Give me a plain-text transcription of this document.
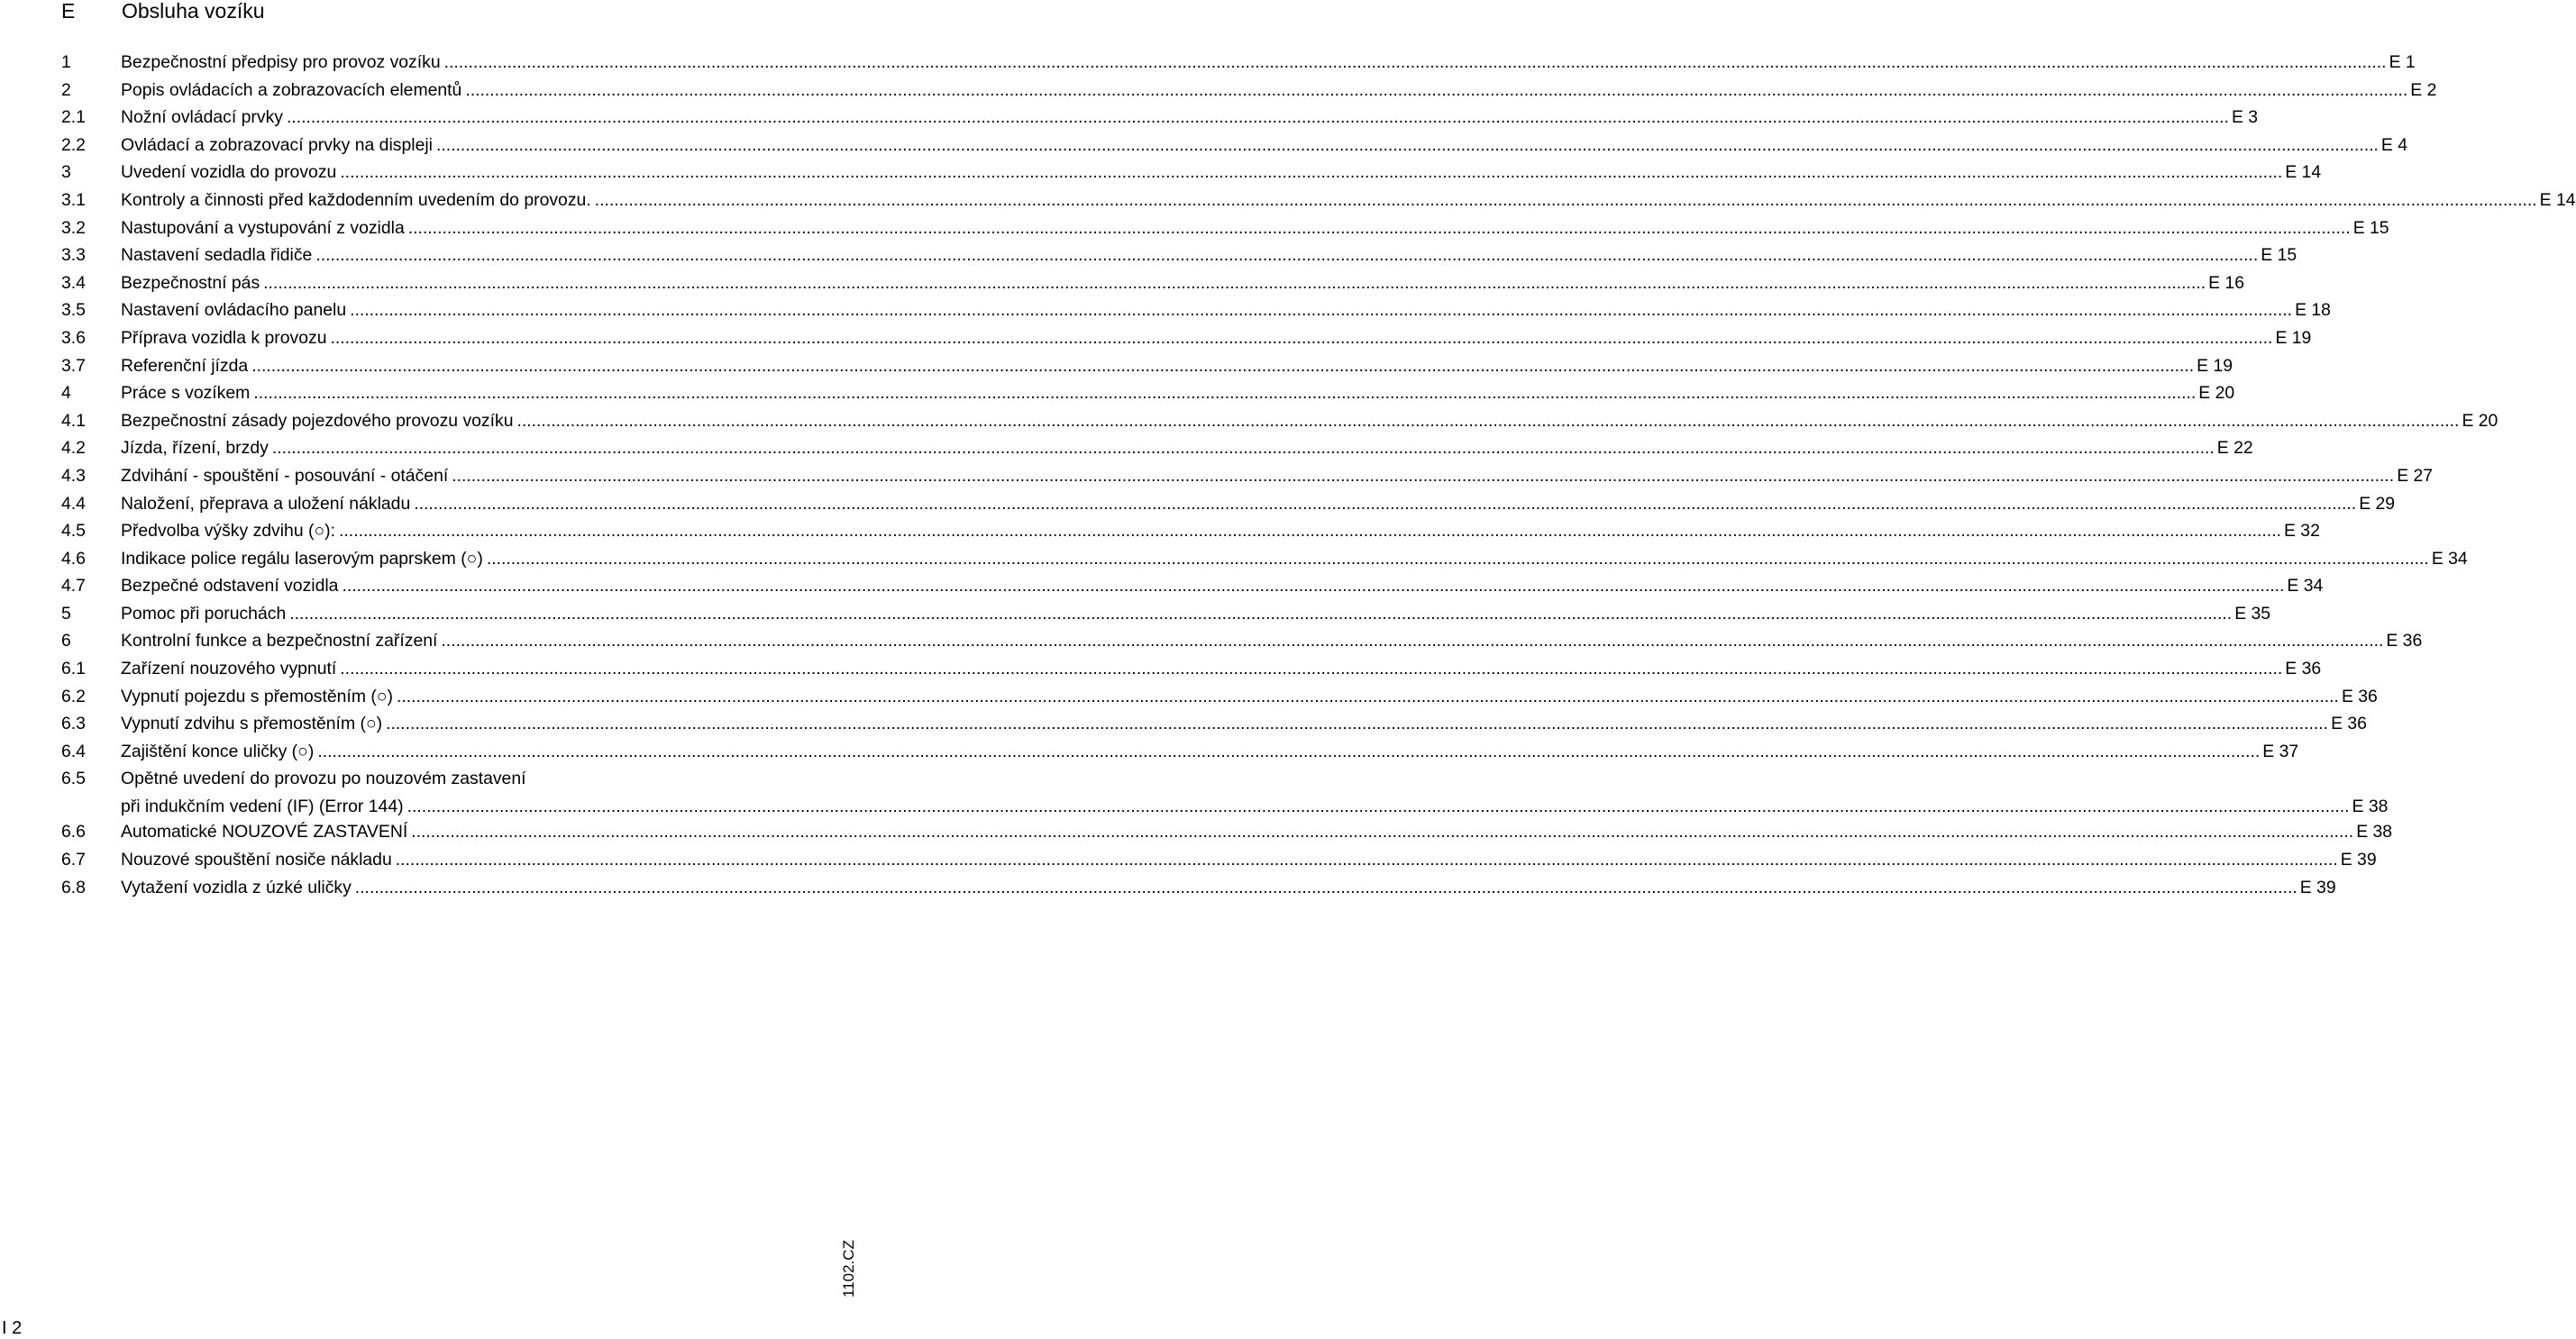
E Obsluha vozíku
1	Bezpečnostní předpisy pro provoz vozíku ................................................................................................................................................................................................................................................................................................................................................................................................................ E 1
2	Popis ovládacích a zobrazovacích elementů ................................................................................................................................................................................................................................................................................................................................................................................................................ E 2
2.1 Nožní ovládací prvky ................................................................................................................................................................................................................................................................................................................................................................................................................ E 3
2.2 Ovládací a zobrazovací prvky na displeji ................................................................................................................................................................................................................................................................................................................................................................................................................ E 4
3	Uvedení vozidla do provozu ................................................................................................................................................................................................................................................................................................................................................................................................................ E 14
3.1 Kontroly a činnosti před každodenním uvedením do provozu. ................................................................................................................................................................................................................................................................................................................................................................................................................ E 14
3.2 Nastupování a vystupování z vozidla ................................................................................................................................................................................................................................................................................................................................................................................................................ E 15
3.3 Nastavení sedadla řidiče ................................................................................................................................................................................................................................................................................................................................................................................................................ E 15
3.4 Bezpečnostní pás ................................................................................................................................................................................................................................................................................................................................................................................................................ E 16
3.5 Nastavení ovládacího panelu ................................................................................................................................................................................................................................................................................................................................................................................................................ E 18
3.6 Příprava vozidla k provozu ................................................................................................................................................................................................................................................................................................................................................................................................................ E 19
3.7 Referenční jízda ................................................................................................................................................................................................................................................................................................................................................................................................................ E 19
4	Práce s vozíkem ................................................................................................................................................................................................................................................................................................................................................................................................................ E 20
4.1 Bezpečnostní zásady pojezdového provozu vozíku ................................................................................................................................................................................................................................................................................................................................................................................................................ E 20
4.2 Jízda, řízení, brzdy ................................................................................................................................................................................................................................................................................................................................................................................................................ E 22
4.3 Zdvihání - spouštění - posouvání - otáčení ................................................................................................................................................................................................................................................................................................................................................................................................................ E 27
4.4 Naložení, přeprava a uložení nákladu ................................................................................................................................................................................................................................................................................................................................................................................................................ E 29
4.5 Předvolba výšky zdvihu (○): ................................................................................................................................................................................................................................................................................................................................................................................................................ E 32
4.6 Indikace police regálu laserovým paprskem (○) ................................................................................................................................................................................................................................................................................................................................................................................................................ E 34
4.7 Bezpečné odstavení vozidla ................................................................................................................................................................................................................................................................................................................................................................................................................ E 34
5	Pomoc při poruchách ................................................................................................................................................................................................................................................................................................................................................................................................................ E 35
6	Kontrolní funkce a bezpečnostní zařízení ................................................................................................................................................................................................................................................................................................................................................................................................................ E 36
6.1 Zařízení nouzového vypnutí ................................................................................................................................................................................................................................................................................................................................................................................................................ E 36
6.2 Vypnutí pojezdu s přemostěním (○) ................................................................................................................................................................................................................................................................................................................................................................................................................ E 36
6.3 Vypnutí zdvihu s přemostěním (○) ................................................................................................................................................................................................................................................................................................................................................................................................................ E 36
6.4 Zajištění konce uličky (○) ................................................................................................................................................................................................................................................................................................................................................................................................................ E 37
6.5 Opětné uvedení do provozu po nouzovém zastavení
při indukčním vedení (IF) (Error 144) ................................................................................................................................................................................................................................................................................................................................................................................................................ E 38
6.6 Automatické NOUZOVÉ ZASTAVENÍ ................................................................................................................................................................................................................................................................................................................................................................................................................ E 38
6.7 Nouzové spouštění nosiče nákladu ................................................................................................................................................................................................................................................................................................................................................................................................................ E 39
6.8 Vytažení vozidla z úzké uličky ................................................................................................................................................................................................................................................................................................................................................................................................................ E 39
1102.CZ
I 2
